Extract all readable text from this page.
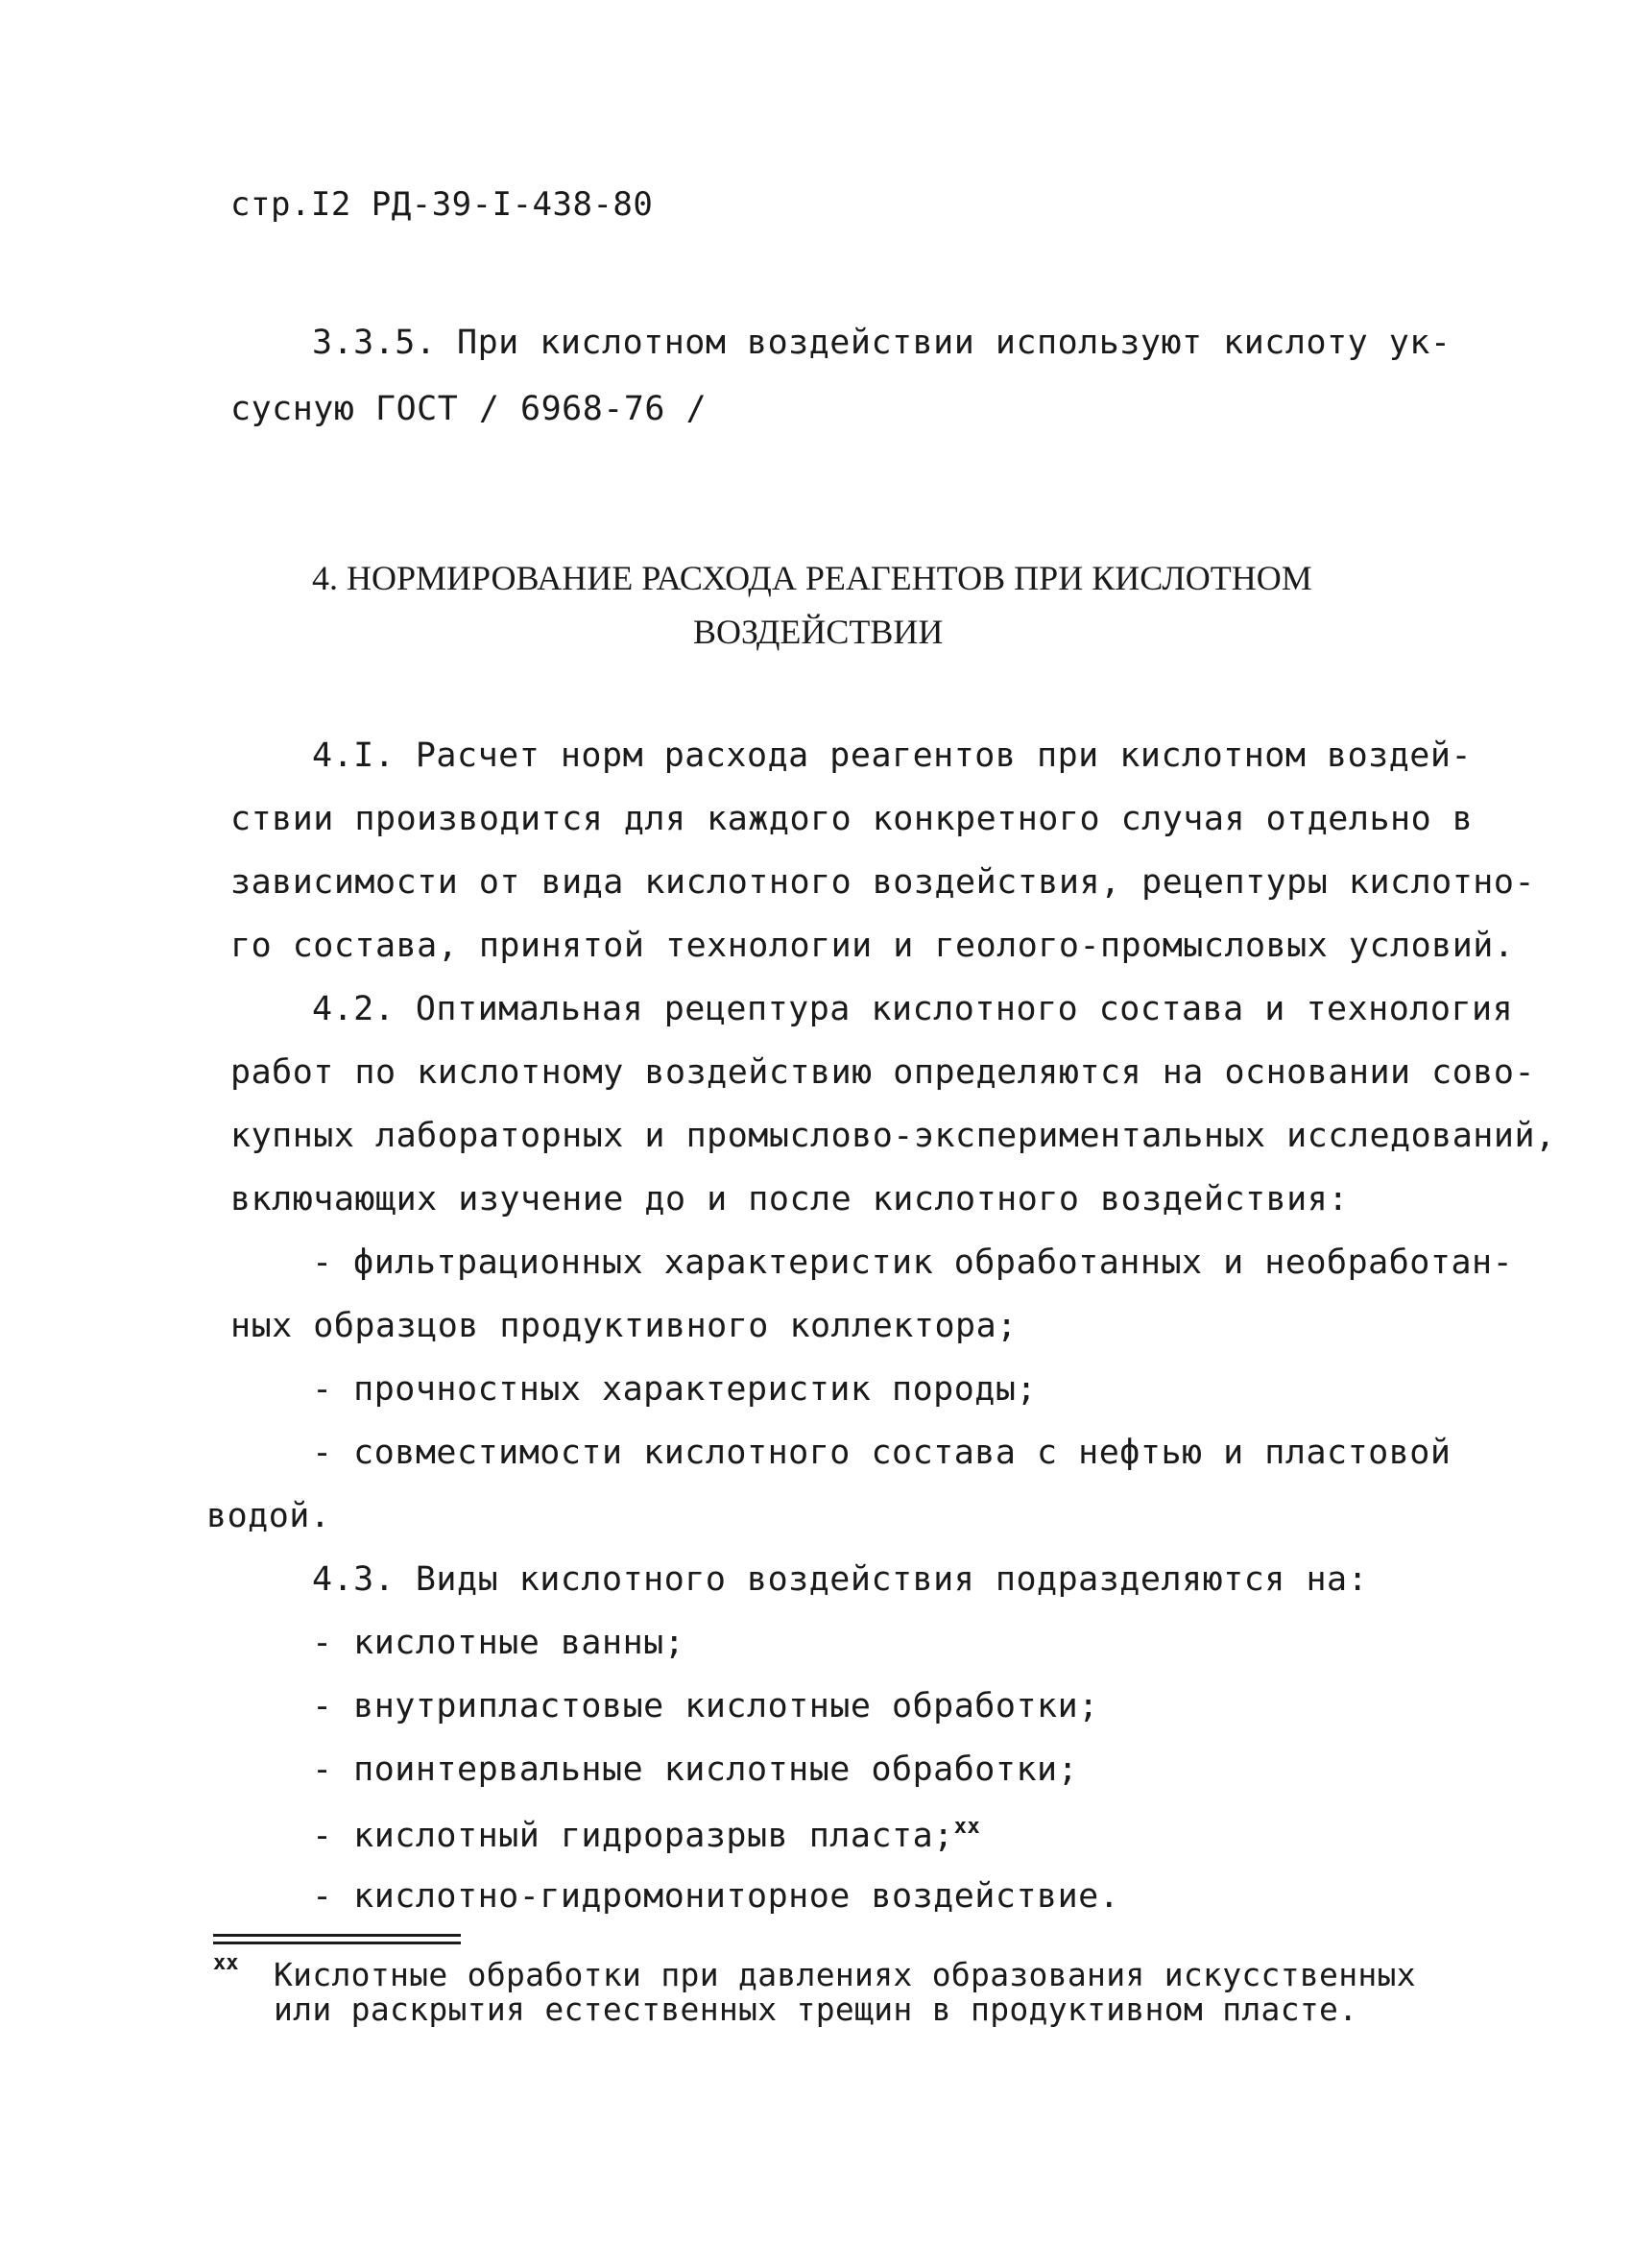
стр.I2 РД-39-I-438-80
3.3.5. При кислотном воздействии используют кислоту ук-
сусную ГОСТ / 6968-76 /
4. НОРМИРОВАНИЕ РАСХОДА РЕАГЕНТОВ ПРИ КИСЛОТНОМ
ВОЗДЕЙСТВИИ
4.I. Расчет норм расхода реагентов при кислотном воздей-
ствии производится для каждого конкретного случая отдельно в
зависимости от вида кислотного воздействия, рецептуры кислотно-
го состава, принятой технологии и геолого-промысловых условий.
4.2. Оптимальная рецептура кислотного состава и технология
работ по кислотному воздействию определяются на основании сово-
купных лабораторных и промыслово-экспериментальных исследований,
включающих изучение до и после кислотного воздействия:
- фильтрационных характеристик обработанных и необработан-
ных образцов продуктивного коллектора;
- прочностных характеристик породы;
- совместимости кислотного состава с нефтью и пластовой
водой.
4.3. Виды кислотного воздействия подразделяются на:
- кислотные ванны;
- внутрипластовые кислотные обработки;
- поинтервальные кислотные обработки;
- кислотный гидроразрыв пласта;$^{xx}$
- кислотно-гидромониторное воздействие.
xx Кислотные обработки при давлениях образования искусственных
или раскрытия естественных трещин в продуктивном пласте.
